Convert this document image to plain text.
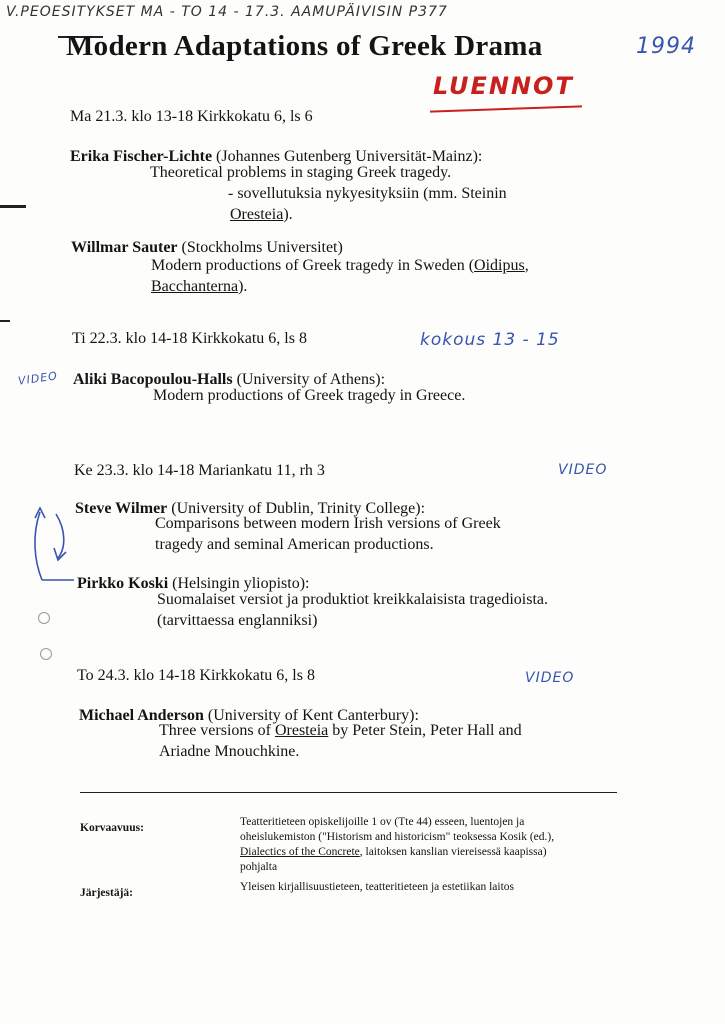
V.PEOESITYKSET MA - TO 14 - 17.3. AAMUPÄIVISIN P377
Modern Adaptations of Greek Drama	1994
LUENNOT
Ma 21.3. klo 13-18 Kirkkokatu 6, ls 6
Erika Fischer-Lichte (Johannes Gutenberg Universität-Mainz):
Theoretical problems in staging Greek tragedy.
- sovellutuksia nykyesityksiin (mm. Steinin
Oresteia).
Willmar Sauter (Stockholms Universitet)
Modern productions of Greek tragedy in Sweden (Oidipus,
Bacchanterna).
Ti 22.3. klo 14-18 Kirkkokatu 6, ls 8	kokous 13 - 15
VIDEO Aliki Bacopoulou-Halls (University of Athens):
Modern productions of Greek tragedy in Greece.
Ke 23.3. klo 14-18 Mariankatu 11, rh 3	VIDEO
Steve Wilmer (University of Dublin, Trinity College):
Comparisons between modern Irish versions of Greek
tragedy and seminal American productions.
Pirkko Koski (Helsingin yliopisto):
Suomalaiset versiot ja produktiot kreikkalaisista tragedioista.
(tarvittaessa englanniksi)
To 24.3. klo 14-18 Kirkkokatu 6, ls 8	VIDEO
Michael Anderson (University of Kent Canterbury):
Three versions of Oresteia by Peter Stein, Peter Hall and
Ariadne Mnouchkine.
Korvaavuus:	Teatteritieteen opiskelijoille 1 ov (Tte 44) esseen, luentojen ja
oheislukemiston ("Historism and historicism" teoksessa Kosik (ed.),
Dialectics of the Concrete, laitoksen kanslian viereisessä kaapissa)
pohjalta
Järjestäjä:	Yleisen kirjallisuustieteen, teatteritieteen ja estetiikan laitos
